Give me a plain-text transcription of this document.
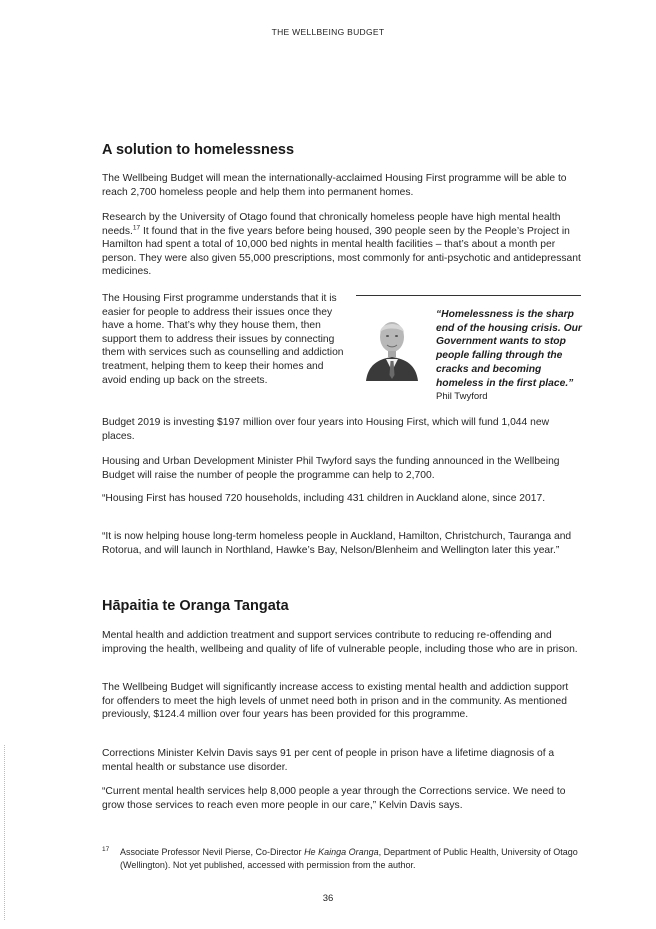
THE WELLBEING BUDGET
A solution to homelessness

The Wellbeing Budget will mean the internationally-acclaimed Housing First programme will be able to reach 2,700 homeless people and help them into permanent homes.

Research by the University of Otago found that chronically homeless people have high mental health needs.$^{17}$ It found that in the five years before being housed, 390 people seen by the People’s Project in Hamilton had spent a total of 10,000 bed nights in mental health facilities – that’s about a month per person. They were also given 55,000 prescriptions, most commonly for anti-psychotic and antidepressant medicines.

The Housing First programme understands that it is easier for people to address their issues once they have a home. That’s why they house them, then support them to address their issues by connecting them with services such as counselling and addiction treatment, helping them to keep their homes and avoid ending up back on the streets.

“Homelessness is the sharp end of the housing crisis. Our Government wants to stop people falling through the cracks and becoming homeless in the first place.”
Phil Twyford

Budget 2019 is investing $197 million over four years into Housing First, which will fund 1,044 new places.

Housing and Urban Development Minister Phil Twyford says the funding announced in the Wellbeing Budget will raise the number of people the programme can help to 2,700.

“Housing First has housed 720 households, including 431 children in Auckland alone, since 2017.

“It is now helping house long-term homeless people in Auckland, Hamilton, Christchurch, Tauranga and Rotorua, and will launch in Northland, Hawke’s Bay, Nelson/Blenheim and Wellington later this year.”

Hāpaitia te Oranga Tangata

Mental health and addiction treatment and support services contribute to reducing re-offending and improving the health, wellbeing and quality of life of vulnerable people, including those who are in prison.

The Wellbeing Budget will significantly increase access to existing mental health and addiction support for offenders to meet the high levels of unmet need both in prison and in the community. As mentioned previously, $124.4 million over four years has been provided for this programme.

Corrections Minister Kelvin Davis says 91 per cent of people in prison have a lifetime diagnosis of a mental health or substance use disorder.

“Current mental health services help 8,000 people a year through the Corrections service. We need to grow those services to reach even more people in our care,” Kelvin Davis says.

17 Associate Professor Nevil Pierse, Co-Director He Kainga Oranga, Department of Public Health, University of Otago (Wellington). Not yet published, accessed with permission from the author.
36
